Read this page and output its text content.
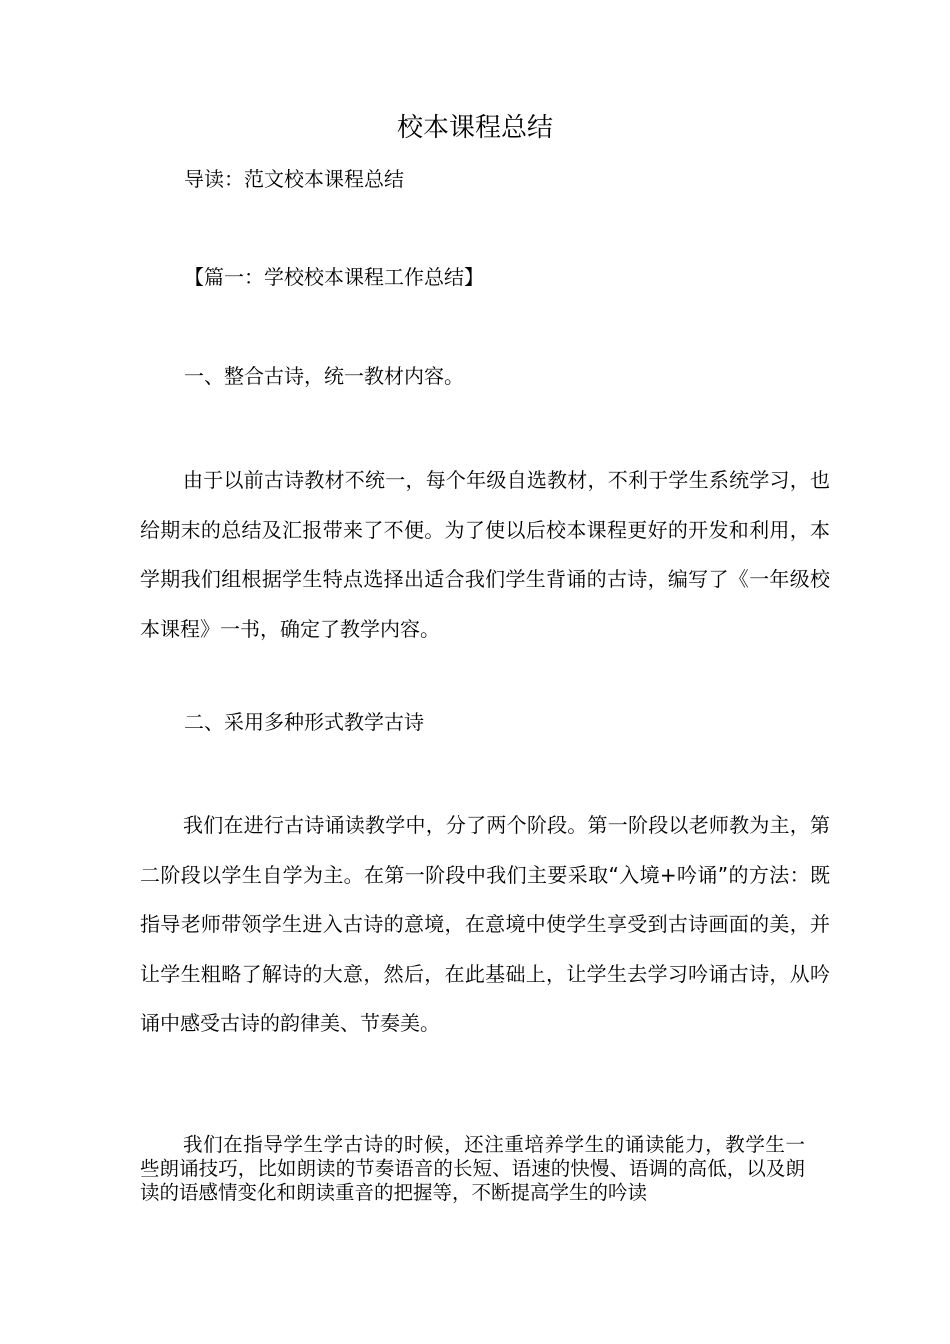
校本课程总结

导读：范文校本课程总结

【篇一：学校校本课程工作总结】

一、整合古诗，统一教材内容。

由于以前古诗教材不统一，每个年级自选教材，不利于学生系统学习，也给期末的总结及汇报带来了不便。为了使以后校本课程更好的开发和利用，本学期我们组根据学生特点选择出适合我们学生背诵的古诗，编写了《一年级校本课程》一书，确定了教学内容。

二、采用多种形式教学古诗

我们在进行古诗诵读教学中，分了两个阶段。第一阶段以老师教为主，第二阶段以学生自学为主。在第一阶段中我们主要采取“入境+吟诵”的方法：既指导老师带领学生进入古诗的意境，在意境中使学生享受到古诗画面的美，并让学生粗略了解诗的大意，然后，在此基础上，让学生去学习吟诵古诗，从吟诵中感受古诗的韵律美、节奏美。

我们在指导学生学古诗的时候，还注重培养学生的诵读能力，教学生一些朗诵技巧，比如朗读的节奏语音的长短、语速的快慢、语调的高低，以及朗读的语感情变化和朗读重音的把握等，不断提高学生的吟读
